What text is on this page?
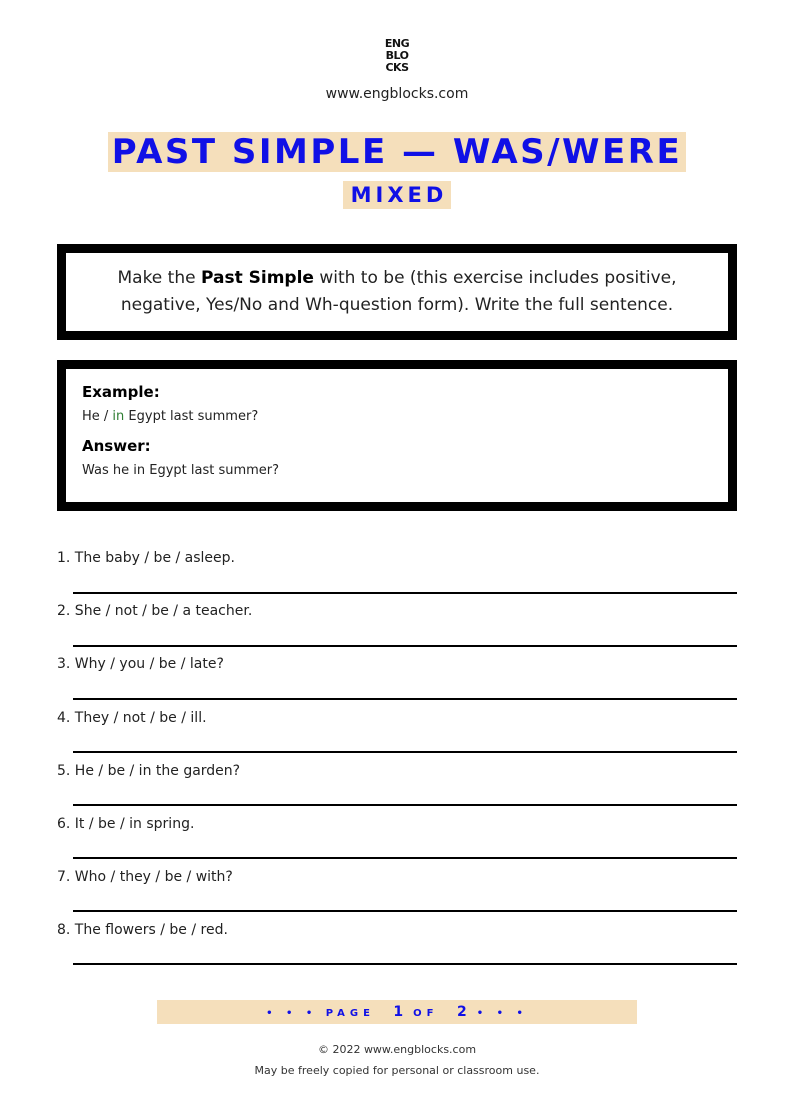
ENG
BLO
CKS
www.engblocks.com
PAST SIMPLE — WAS/WERE
MIXED
Make the Past Simple with to be (this exercise includes positive, negative, Yes/No and Wh-question form). Write the full sentence.
Example:
He / in Egypt last summer?
Answer:
Was he in Egypt last summer?
1. The baby / be / asleep.
2. She / not / be / a teacher.
3. Why / you / be / late?
4. They / not / be / ill.
5. He / be / in the garden?
6. It / be / in spring.
7. Who / they / be / with?
8. The flowers / be / red.
• • • PAGE 1 OF 2 • • •
© 2022 www.engblocks.com
May be freely copied for personal or classroom use.
